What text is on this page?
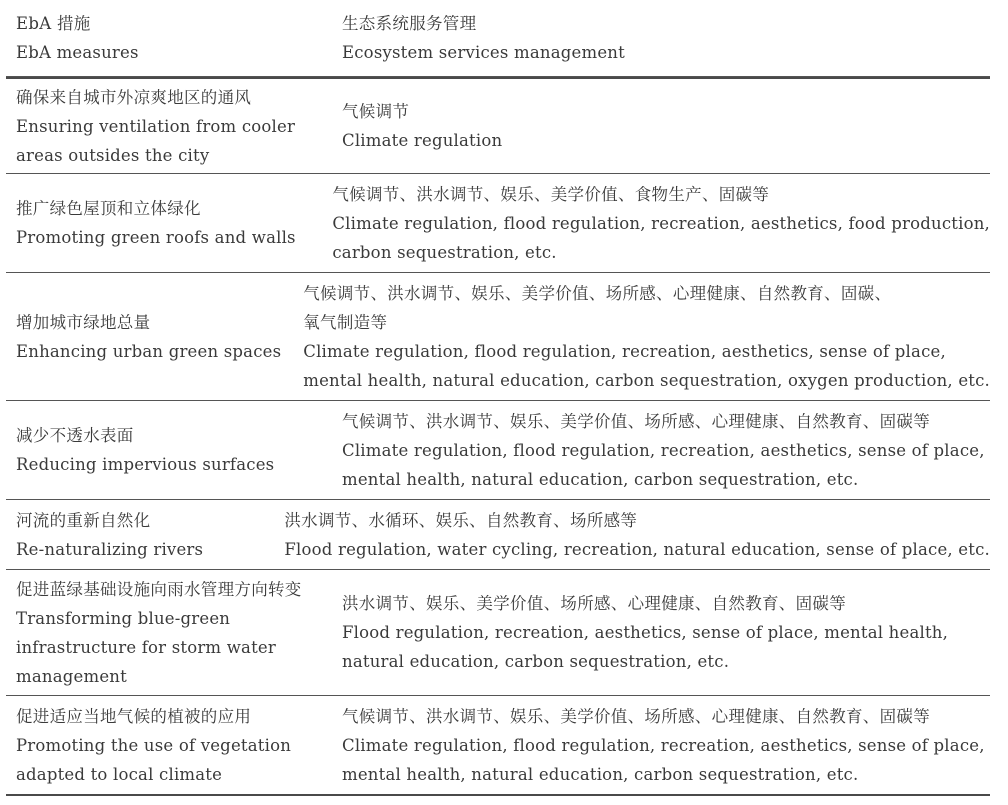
EbA 措施
EbA measures
生态系统服务管理
Ecosystem services management
确保来自城市外凉爽地区的通风
Ensuring ventilation from cooler
areas outsides the city
气候调节
Climate regulation
推广绿色屋顶和立体绿化
Promoting green roofs and walls
气候调节、洪水调节、娱乐、美学价值、食物生产、固碳等
Climate regulation, flood regulation, recreation, aesthetics, food production,
carbon sequestration, etc.
增加城市绿地总量
Enhancing urban green spaces
气候调节、洪水调节、娱乐、美学价值、场所感、心理健康、自然教育、固碳、
氧气制造等
Climate regulation, flood regulation, recreation, aesthetics, sense of place,
mental health, natural education, carbon sequestration, oxygen production, etc.
减少不透水表面
Reducing impervious surfaces
气候调节、洪水调节、娱乐、美学价值、场所感、心理健康、自然教育、固碳等
Climate regulation, flood regulation, recreation, aesthetics, sense of place,
mental health, natural education, carbon sequestration, etc.
河流的重新自然化
Re-naturalizing rivers
洪水调节、水循环、娱乐、自然教育、场所感等
Flood regulation, water cycling, recreation, natural education, sense of place, etc.
促进蓝绿基础设施向雨水管理方向转变
Transforming blue-green
infrastructure for storm water
management
洪水调节、娱乐、美学价值、场所感、心理健康、自然教育、固碳等
Flood regulation, recreation, aesthetics, sense of place, mental health,
natural education, carbon sequestration, etc.
促进适应当地气候的植被的应用
Promoting the use of vegetation
adapted to local climate
气候调节、洪水调节、娱乐、美学价值、场所感、心理健康、自然教育、固碳等
Climate regulation, flood regulation, recreation, aesthetics, sense of place,
mental health, natural education, carbon sequestration, etc.
